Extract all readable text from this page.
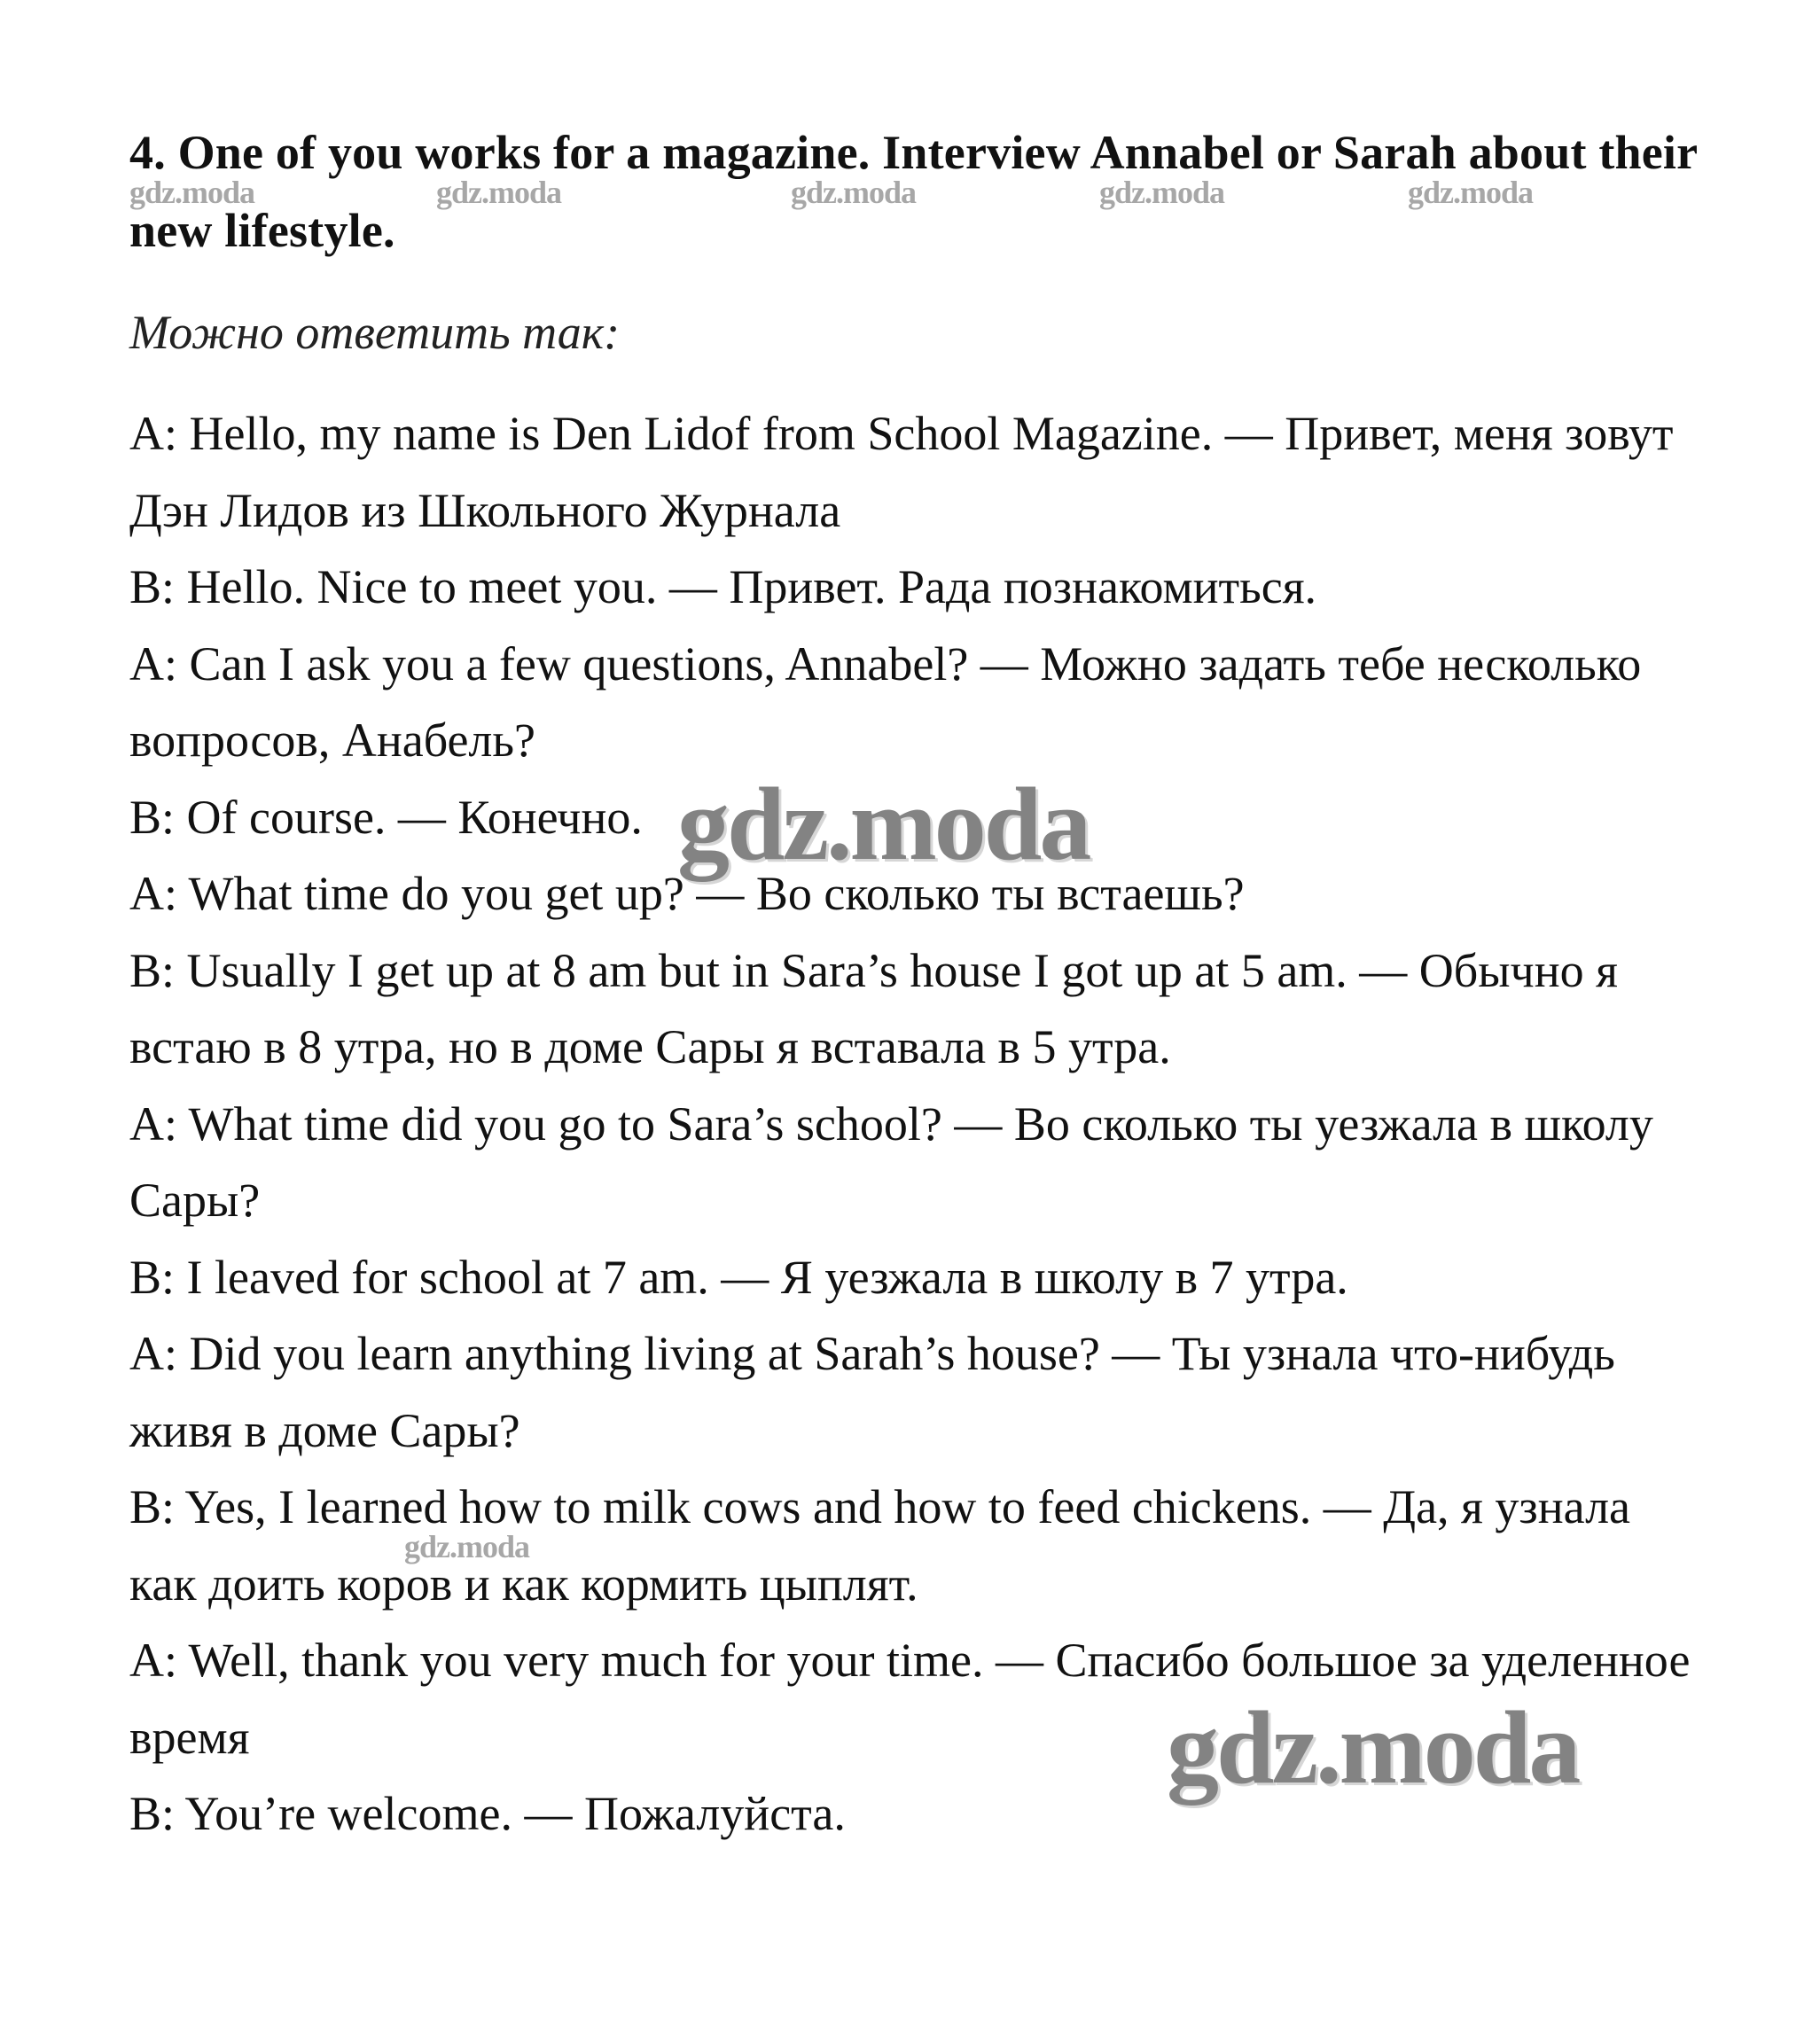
4. One of you works for a magazine. Interview Annabel or Sarah about their new lifestyle.

Можно ответить так:

A: Hello, my name is Den Lidof from School Magazine. — Привет, меня зовут Дэн Лидов из Школьного Журнала

B: Hello. Nice to meet you. — Привет. Рада познакомиться.

A: Can I ask you a few questions, Annabel? — Можно задать тебе несколько вопросов, Анабель?

B: Of course. — Конечно.

A: What time do you get up? — Во сколько ты встаешь?

B: Usually I get up at 8 am but in Sara’s house I got up at 5 am. — Обычно я встаю в 8 утра, но в доме Сары я вставала в 5 утра.

A: What time did you go to Sara’s school? — Во сколько ты уезжала в школу Сары?

B: I leaved for school at 7 am. — Я уезжала в школу в 7 утра.

A: Did you learn anything living at Sarah’s house? — Ты узнала что-нибудь живя в доме Сары?

B: Yes, I learned how to milk cows and how to feed chickens. — Да, я узнала как доить коров и как кормить цыплят.

A: Well, thank you very much for your time. — Спасибо большое за уделенное время

B: You’re welcome. — Пожалуйста.

gdz.moda	gdz.moda	gdz.moda	gdz.moda	gdz.moda
gdz.moda
gdz.moda
gdz.moda
